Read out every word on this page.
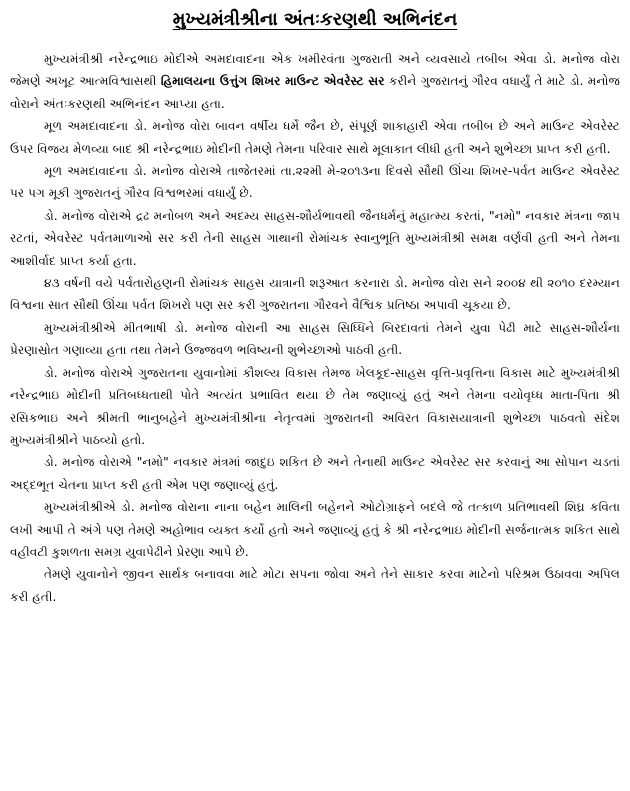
મુખ્યમંત્રીશ્રીના અંતઃકરણથી અભિનંદન

મુખ્યમંત્રીશ્રી નરેન્દ્રભાઇ મોદીએ અમદાવાદના એક ખમીરવંતા ગુજરાતી અને વ્યવસાયે તબીબ એવા ડો. મનોજ વોરા જેમણે અખૂટ આત્મવિશ્વાસથી હિમાલયના ઉત્તુંગ શિખર માઉન્ટ એવરેસ્ટ સર કરીને ગુજરાતનું ગૌરવ વધાર્યું તે માટે ડો. મનોજ વોરાને અંતઃકરણથી અભિનંદન આપ્યા હતા.

મૂળ અમદાવાદના ડો. મનોજ વોરા બાવન વર્ષીય ધર્મે જૈન છે, સંપૂર્ણ શાકાહારી એવા તબીબ છે અને માઉન્ટ એવરેસ્ટ ઉપર વિજય મેળવ્યા બાદ શ્રી નરેન્દ્રભાઇ મોદીની તેમણે તેમના પરિવાર સાથે મૂલાકાત લીધી હતી અને શુભેચ્છા પ્રાપ્ત કરી હતી.

મૂળ અમદાવાદના ડો. મનોજ વોરાએ તાજેતરમાં તા.૨૨મી મે-૨૦૧૩ના દિવસે સૌથી ઊંચા શિખર-પર્વત માઉન્ટ એવરેસ્ટ પર પગ મૂકી ગુજરાતનું ગૌરવ વિશ્વભરમાં વધાર્યું છે.

ડો. મનોજ વોરાએ દ્રઢ મનોબળ અને અદમ્ય સાહસ-શૌર્યભાવથી જૈનધર્મનું મહાત્મ્ય કરતાં, "નમો" નવકાર મંત્રના જાપ રટતાં, એવરેસ્ટ પર્વતમાળાઓ સર કરી તેની સાહસ ગાથાની રોમાંચક સ્વાનુભૂતિ મુખ્યમંત્રીશ્રી સમક્ષ વર્ણવી હતી અને તેમના આશીર્વાદ પ્રાપ્ત કર્યા હતા.

૪૩ વર્ષની વયે પર્વતારોહણની રોમાંચક સાહસ યાત્રાની શરૂઆત કરનારા ડો. મનોજ વોરા સને ૨૦૦૪ થી ૨૦૧૦ દરમ્યાન વિશ્વના સાત સૌથી ઊંચા પર્વત શિખરો પણ સર કરી ગુજરાતના ગૌરવને વૈશ્વિક પ્રતિષ્ઠા અપાવી ચૂકયા છે.

મુખ્યમંત્રીશ્રીએ મીતભાષી ડો. મનોજ વોરાની આ સાહસ સિધ્ધિને બિરદાવતાં તેમને યુવા પેઢી માટે સાહસ-શૌર્યના પ્રેરણાસ્રોત ગણાવ્યા હતા તથા તેમને ઉજ્જવળ ભવિષ્યની શુભેચ્છાઓ પાઠવી હતી.

ડો. મનોજ વોરાએ ગુજરાતના યુવાનોમાં કૌશલ્ય વિકાસ તેમજ ખેલકૂદ-સાહસ વૃત્તિ-પ્રવૃત્તિના વિકાસ માટે મુખ્યમંત્રીશ્રી નરેન્દ્રભાઇ મોદીની પ્રતિબધ્ધતાથી પોતે અત્યંત પ્રભાવિત થયા છે તેમ જણાવ્યું હતું અને તેમના વયોવૃધ્ધ માતા-પિતા શ્રી રસિકભાઇ અને શ્રીમતી ભાનુબહેને મુખ્યમંત્રીશ્રીના નેતૃત્વમાં ગુજરાતની અવિરત વિકાસયાત્રાની શુભેચ્છા પાઠવતો સંદેશ મુખ્યમંત્રીશ્રીને પાઠવ્યો હતો.

ડો. મનોજ વોરાએ "નમો" નવકાર મંત્રમાં જાદુઇ શકિત છે અને તેનાથી માઉન્ટ એવરેસ્ટ સર કરવાનું આ સોપાન ચડતાં અદ્દભૂત ચેતના પ્રાપ્ત કરી હતી એમ પણ જણાવ્યું હતું.

મુખ્યમંત્રીશ્રીએ ડો. મનોજ વોરાના નાના બહેન માલિની બહેનને ઓટોગ્રાફને બદલે જે તત્કાળ પ્રતિભાવથી શિઘ્ર કવિતા લખી આપી તે અંગે પણ તેમણે અહોભાવ વ્યક્ત કર્યો હતો અને જણાવ્યું હતું કે શ્રી નરેન્દ્રભાઇ મોદીની સર્જનાત્મક શકિત સાથે વહીવટી કુશળતા સમગ્ર યુવાપેઢીને પ્રેરણા આપે છે.

તેમણે યુવાનોને જીવન સાર્થક બનાવવા માટે મોટા સપના જોવા અને તેને સાકાર કરવા માટેનો પરિશ્રમ ઉઠાવવા અપિલ કરી હતી.
